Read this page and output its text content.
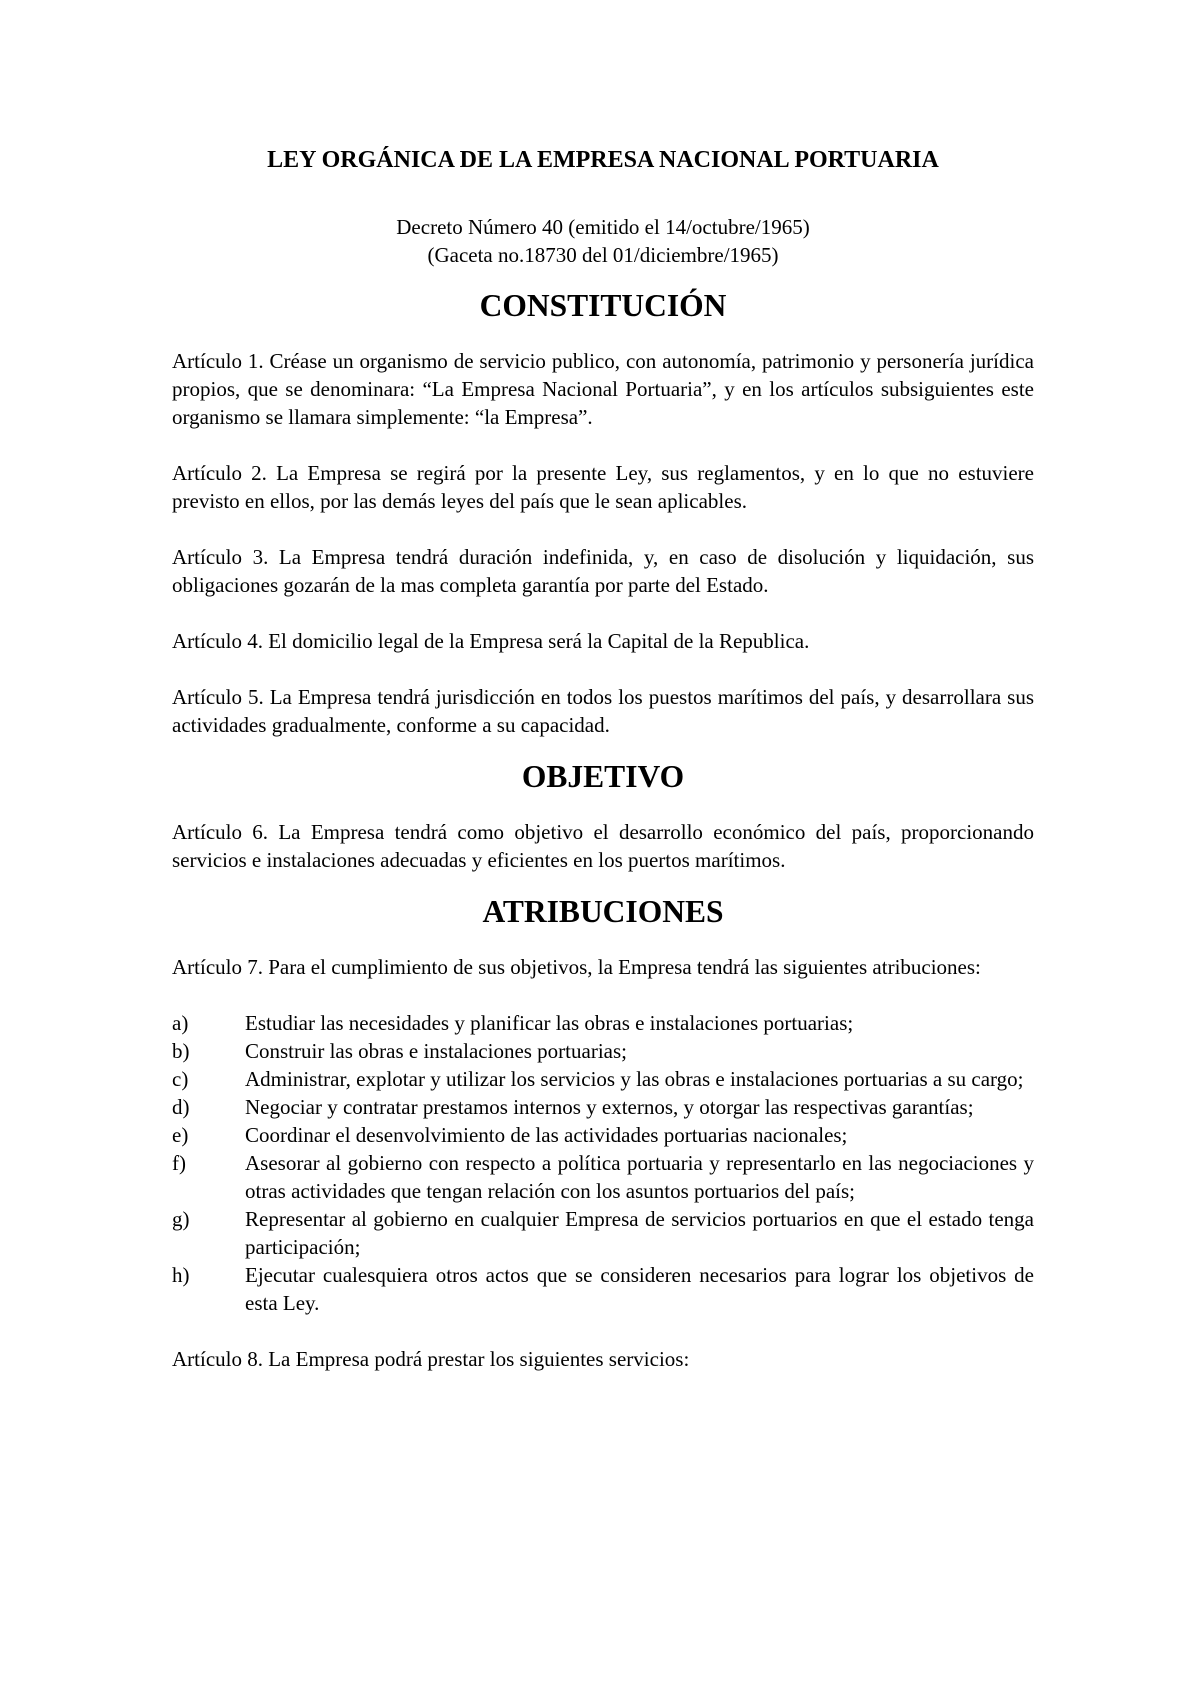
LEY ORGÁNICA DE LA EMPRESA NACIONAL PORTUARIA
Decreto Número 40 (emitido el 14/octubre/1965)
(Gaceta no.18730 del 01/diciembre/1965)
CONSTITUCIÓN

Artículo 1. Créase un organismo de servicio publico, con autonomía, patrimonio y personería jurídica propios, que se denominara: “La Empresa Nacional Portuaria”, y en los artículos subsiguientes este organismo se llamara simplemente: “la Empresa”.

Artículo 2. La Empresa se regirá por la presente Ley, sus reglamentos, y en lo que no estuviere previsto en ellos, por las demás leyes del país que le sean aplicables.

Artículo 3. La Empresa tendrá duración indefinida, y, en caso de disolución y liquidación, sus obligaciones gozarán de la mas completa garantía por parte del Estado.

Artículo 4. El domicilio legal de la Empresa será la Capital de la Republica.

Artículo 5. La Empresa tendrá jurisdicción en todos los puestos marítimos del país, y desarrollara sus actividades gradualmente, conforme a su capacidad.

OBJETIVO

Artículo 6. La Empresa tendrá como objetivo el desarrollo económico del país, proporcionando servicios e instalaciones adecuadas y eficientes en los puertos marítimos.

ATRIBUCIONES

Artículo 7. Para el cumplimiento de sus objetivos, la Empresa tendrá las siguientes atribuciones:

a)	Estudiar las necesidades y planificar las obras e instalaciones portuarias;
b)	Construir las obras e instalaciones portuarias;
c)	Administrar, explotar y utilizar los servicios y las obras e instalaciones portuarias a su cargo;
d)	Negociar y contratar prestamos internos y externos, y otorgar las respectivas garantías;
e)	Coordinar el desenvolvimiento de las actividades portuarias nacionales;
f)	Asesorar al gobierno con respecto a política portuaria y representarlo en las negociaciones y otras actividades que tengan relación con los asuntos portuarios del país;
g)	Representar al gobierno en cualquier Empresa de servicios portuarios en que el estado tenga participación;
h)	Ejecutar cualesquiera otros actos que se consideren necesarios para lograr los objetivos de esta Ley.

Artículo 8. La Empresa podrá prestar los siguientes servicios:
